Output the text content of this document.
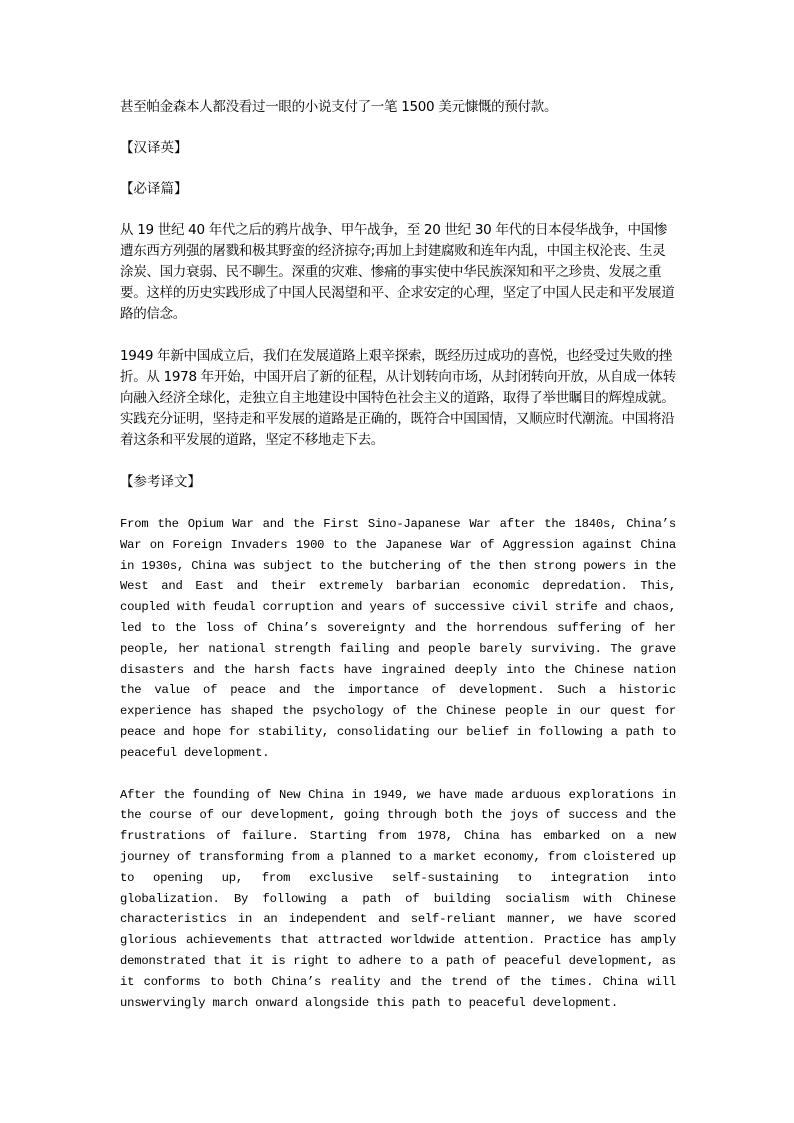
甚至帕金森本人都没看过一眼的小说支付了一笔 1500 美元慷慨的预付款。

【汉译英】

【必译篇】

从 19 世纪 40 年代之后的鸦片战争、甲午战争，至 20 世纪 30 年代的日本侵华战争，中国惨遭东西方列强的屠戮和极其野蛮的经济掠夺;再加上封建腐败和连年内乱，中国主权沦丧、生灵涂炭、国力衰弱、民不聊生。深重的灾难、惨痛的事实使中华民族深知和平之珍贵、发展之重要。这样的历史实践形成了中国人民渴望和平、企求安定的心理，坚定了中国人民走和平发展道路的信念。

1949 年新中国成立后，我们在发展道路上艰辛探索，既经历过成功的喜悦，也经受过失败的挫折。从 1978 年开始，中国开启了新的征程，从计划转向市场，从封闭转向开放，从自成一体转向融入经济全球化，走独立自主地建设中国特色社会主义的道路，取得了举世瞩目的辉煌成就。实践充分证明，坚持走和平发展的道路是正确的，既符合中国国情，又顺应时代潮流。中国将沿着这条和平发展的道路，坚定不移地走下去。

【参考译文】

From the Opium War and the First Sino-Japanese War after the 1840s, China’s War on Foreign Invaders 1900 to the Japanese War of Aggression against China in 1930s, China was subject to the butchering of the then strong powers in the West and East and their extremely barbarian economic depredation. This, coupled with feudal corruption and years of successive civil strife and chaos, led to the loss of China’s sovereignty and the horrendous suffering of her people, her national strength failing and people barely surviving. The grave disasters and the harsh facts have ingrained deeply into the Chinese nation the value of peace and the importance of development. Such a historic experience has shaped the psychology of the Chinese people in our quest for peace and hope for stability, consolidating our belief in following a path to peaceful development.

After the founding of New China in 1949, we have made arduous explorations in the course of our development, going through both the joys of success and the frustrations of failure. Starting from 1978, China has embarked on a new journey of transforming from a planned to a market economy, from cloistered up to opening up, from exclusive self-sustaining to integration into globalization. By following a path of building socialism with Chinese characteristics in an independent and self-reliant manner, we have scored glorious achievements that attracted worldwide attention. Practice has amply demonstrated that it is right to adhere to a path of peaceful development, as it conforms to both China’s reality and the trend of the times. China will unswervingly march onward alongside this path to peaceful development.
